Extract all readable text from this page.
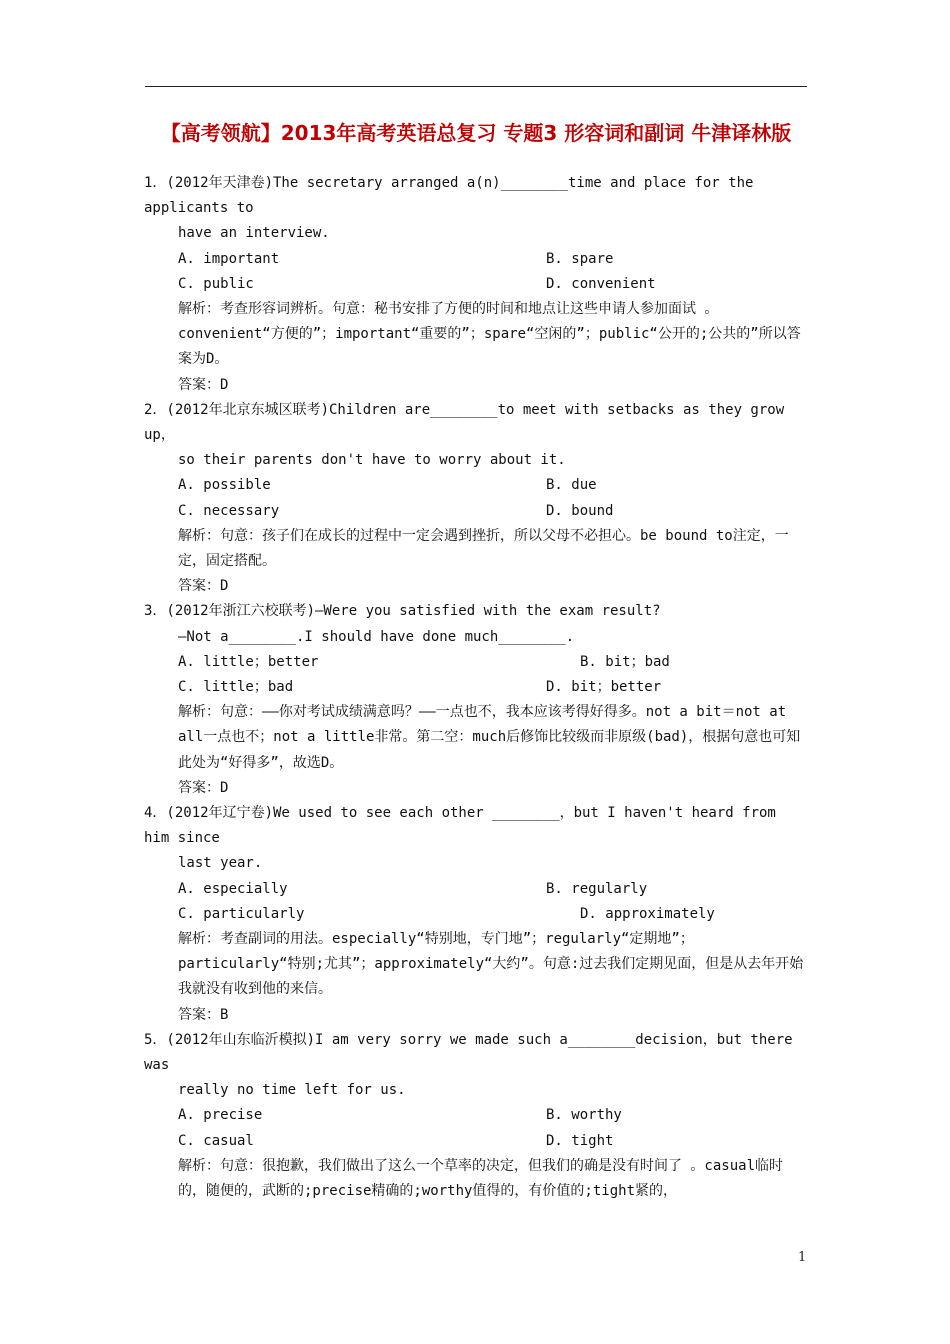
【高考领航】2013年高考英语总复习 专题3 形容词和副词 牛津译林版
1．(2012年天津卷)The secretary arranged a(n)________time and place for the applicants to
have an interview.
A. important	B. spare
C. public	D. convenient
解析：考查形容词辨析。句意：秘书安排了方便的时间和地点让这些申请人参加面试 。convenient“方便的”；important“重要的”；spare“空闲的”；public“公开的;公共的”所以答案为D。
答案：D
2．(2012年北京东城区联考)Children are________to meet with setbacks as they grow up，
so their parents don't have to worry about it.
A. possible	B. due
C. necessary	D. bound
解析：句意：孩子们在成长的过程中一定会遇到挫折，所以父母不必担心。be bound to注定，一定，固定搭配。
答案：D
3．(2012年浙江六校联考)—Were you satisfied with the exam result?
—Not a________.I should have done much________.
A. little；better	B. bit；bad
C. little；bad	D. bit；better
解析：句意：——你对考试成绩满意吗？——一点也不，我本应该考得好得多。not a bit＝not at all一点也不；not a little非常。第二空：much后修饰比较级而非原级(bad)，根据句意也可知此处为“好得多”，故选D。
答案：D
4．(2012年辽宁卷)We used to see each other ________，but I haven't heard from him since
last year.
A. especially	B. regularly
C. particularly	D. approximately
解析：考查副词的用法。especially“特别地，专门地”；regularly“定期地”；particularly“特别;尤其”；approximately“大约”。句意:过去我们定期见面，但是从去年开始我就没有收到他的来信。
答案：B
5．(2012年山东临沂模拟)I am very sorry we made such a________decision，but there was
really no time left for us.
A. precise	B. worthy
C. casual	D. tight
解析：句意：很抱歉，我们做出了这么一个草率的决定，但我们的确是没有时间了 。casual临时的，随便的，武断的;precise精确的;worthy值得的，有价值的;tight紧的，
1
